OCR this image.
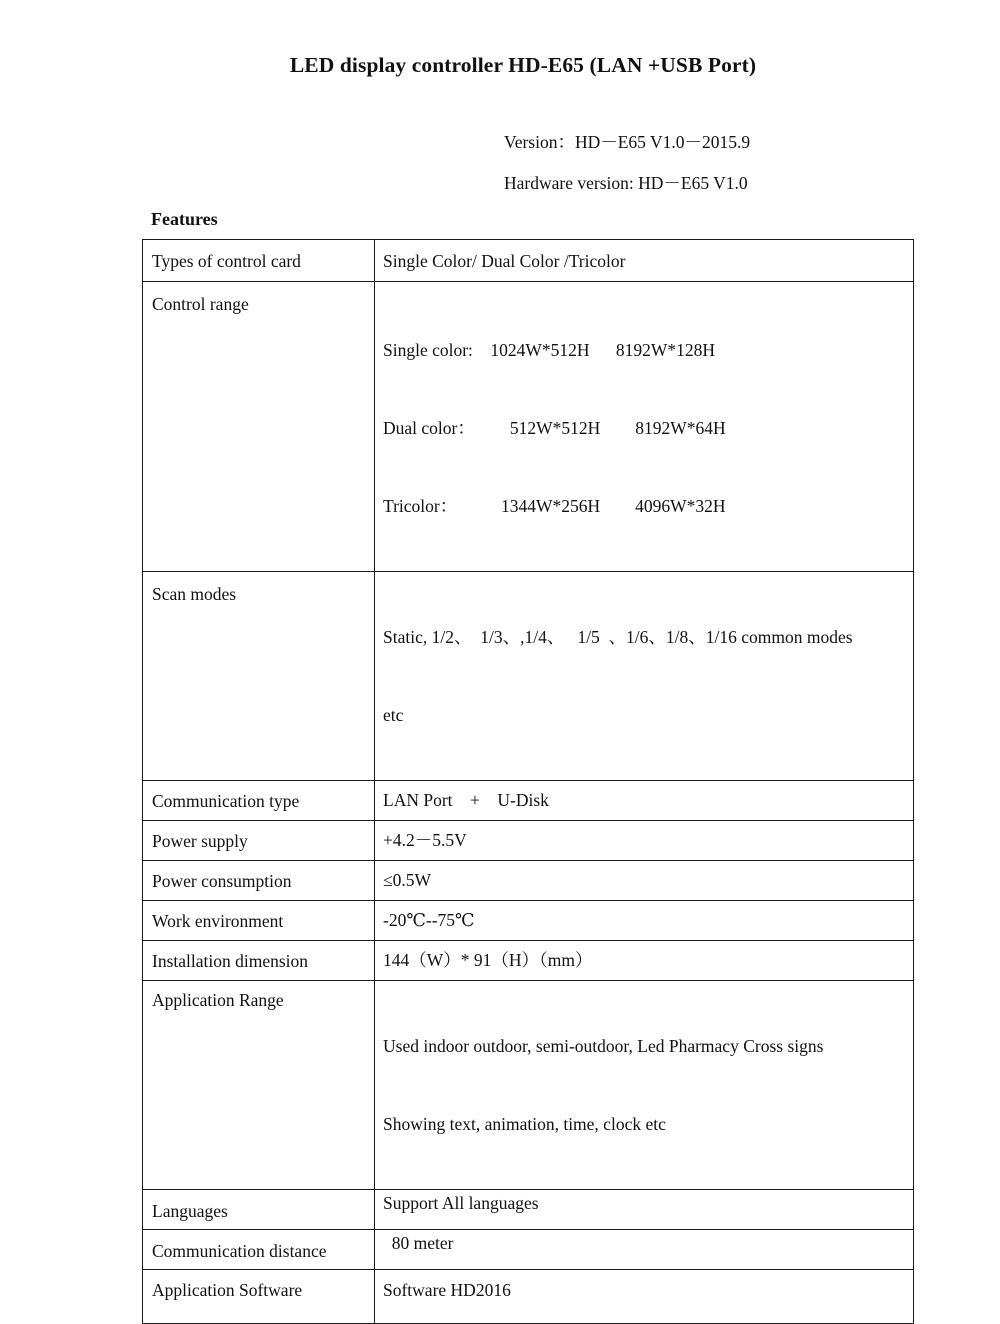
LED display controller HD-E65 (LAN +USB Port)
Version：HD－E65 V1.0－2015.9
Hardware version: HD－E65 V1.0
Features
Types of control card	Single Color/ Dual Color /Tricolor

Control range	Single color:    1024W*512H      8192W*128H

Dual color：        512W*512H        8192W*64H

Tricolor：          1344W*256H        4096W*32H

Scan modes	Static, 1/2、  1/3、,1/4、   1/5  、1/6、1/8、1/16 common modes

etc

Communication type	LAN Port    +    U-Disk

Power supply	+4.2－5.5V

Power consumption	≤0.5W

Work environment	-20℃--75℃

Installation dimension	144（W）* 91（H）（mm）

Application Range	Used indoor outdoor, semi-outdoor, Led Pharmacy Cross signs

Showing text, animation, time, clock etc

Languages	Support All languages

Communication distance	80 meter

Application Software	Software HD2016
